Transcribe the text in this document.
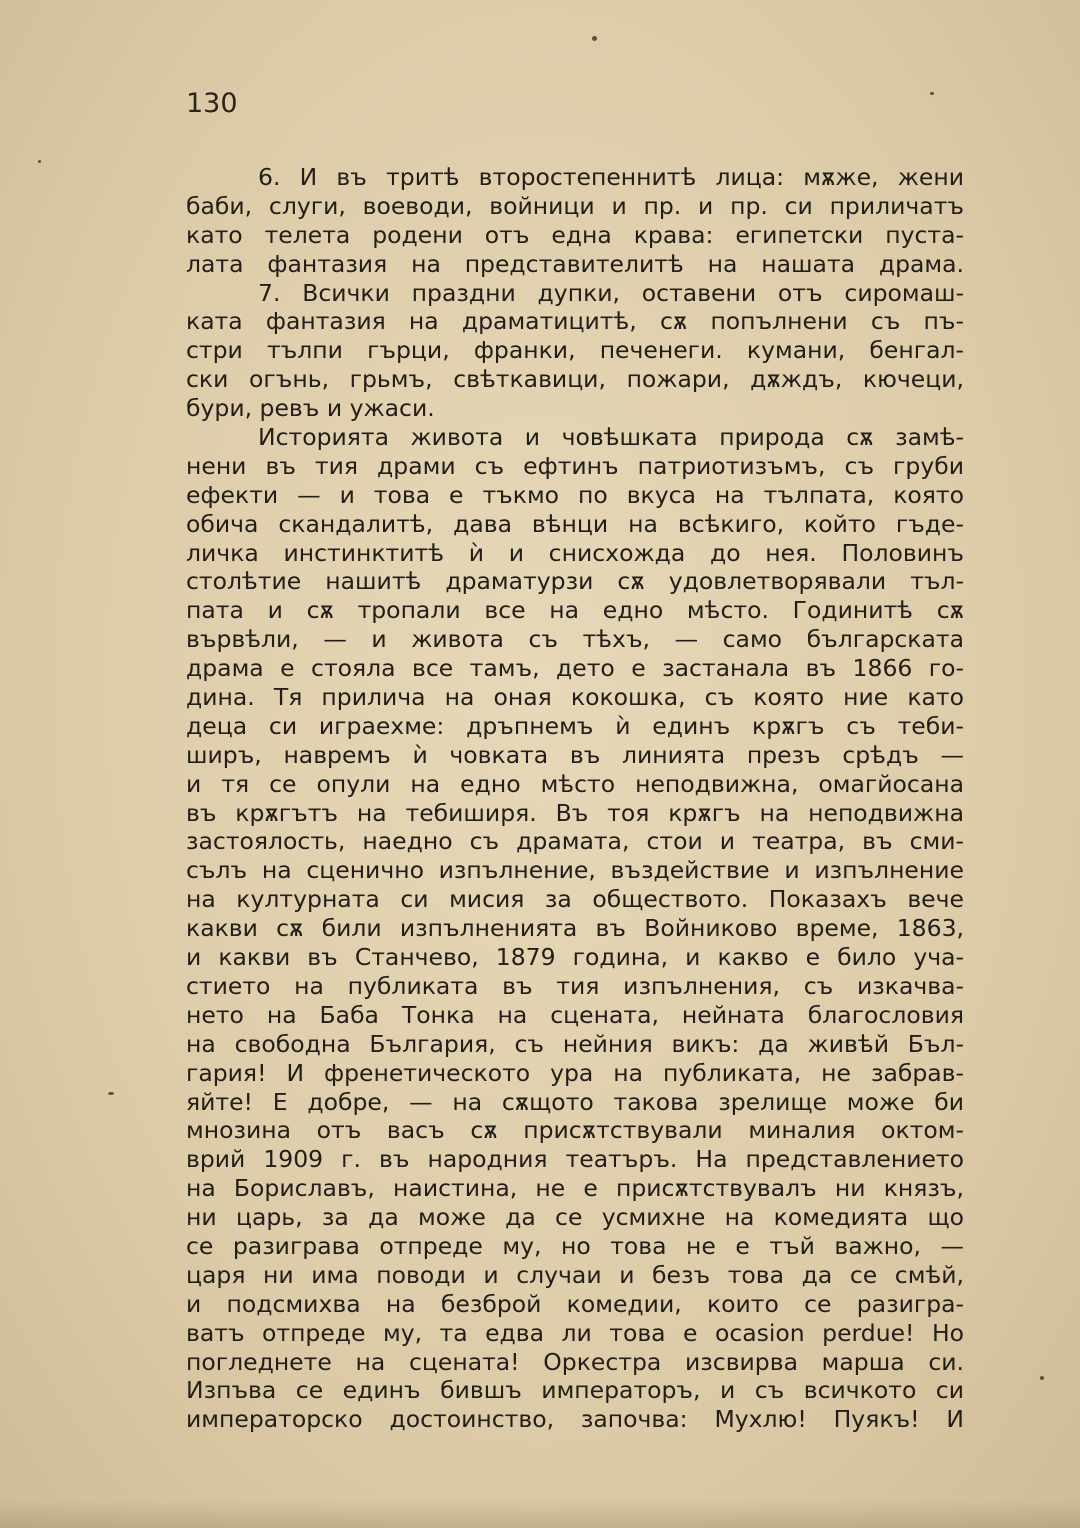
130
6. И въ тритѣ второстепеннитѣ лица: мѫже, жени
баби, слуги, воеводи, войници и пр. и пр. си приличатъ
като телета родени отъ една крава: египетски пуста-
лата фантазия на представителитѣ на нашата драма.
7. Всички праздни дупки, оставени отъ сиромаш-
ката фантазия на драматицитѣ, сѫ попълнени съ пъ-
стри тълпи гърци, франки, печенеги. кумани, бенгал-
ски огънь, грьмъ, свѣткавици, пожари, дѫждъ, кючеци,
бури, ревъ и ужаси.
Историята живота и човѣшката природа сѫ замѣ-
нени въ тия драми съ ефтинъ патриотизъмъ, съ груби
ефекти — и това е тъкмо по вкуса на тълпата, която
обича скандалитѣ, дава вѣнци на всѣкиго, който гъде-
личка инстинктитѣ ѝ и снисхожда до нея. Половинъ
столѣтие нашитѣ драматурзи сѫ удовлетворявали тъл-
пата и сѫ тропали все на едно мѣсто. Годинитѣ сѫ
вървѣли, — и живота съ тѣхъ, — само българската
драма е стояла все тамъ, дето е застанала въ 1866 го-
дина. Тя прилича на оная кокошка, съ която ние като
деца си играехме: дръпнемъ ѝ единъ крѫгъ съ теби-
ширъ, навремъ ѝ човката въ линията презъ срѣдъ —
и тя се опули на едно мѣсто неподвижна, омагйосана
въ крѫгътъ на тебиширя. Въ тоя крѫгъ на неподвижна
застоялость, наедно съ драмата, стои и театра, въ сми-
сълъ на сценично изпълнение, въздействие и изпълнение
на културната си мисия за обществото. Показахъ вече
какви сѫ били изпълненията въ Войниково време, 1863,
и какви въ Станчево, 1879 година, и какво е било уча-
стието на публиката въ тия изпълнения, съ изкачва-
нето на Баба Тонка на сцената, нейната благословия
на свободна България, съ нейния викъ: да живѣй Бъл-
гария! И френетическото ура на публиката, не забрав-
яйте! Е добре, — на сѫщото такова зрелище може би
мнозина отъ васъ сѫ присѫтствували миналия октом-
врий 1909 г. въ народния театъръ. На представлението
на Бориславъ, наистина, не е присѫтствувалъ ни князъ,
ни царь, за да може да се усмихне на комедията що
се разиграва отпреде му, но това не е тъй важно, —
царя ни има поводи и случаи и безъ това да се смѣй,
и подсмихва на безброй комедии, които се разигра-
ватъ отпреде му, та едва ли това е ocasion perdue! Но
погледнете на сцената! Оркестра изсвирва марша си.
Изпъва се единъ бившъ императоръ, и съ всичкото си
императорско достоинство, започва: Мухлю! Пуякъ! И
